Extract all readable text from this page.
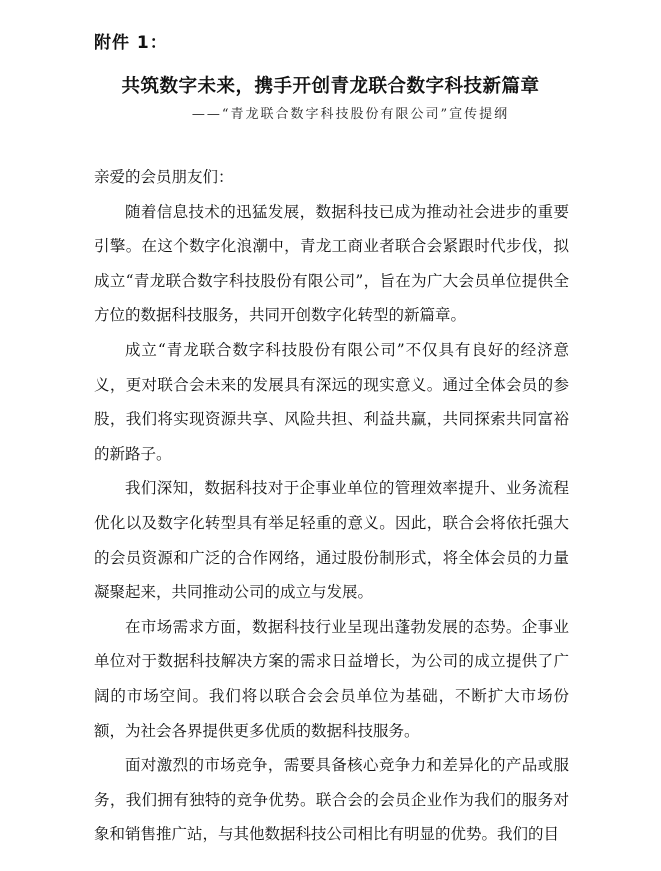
附件 1：
共筑数字未来，携手开创青龙联合数字科技新篇章
——“青龙联合数字科技股份有限公司”宣传提纲

亲爱的会员朋友们：

随着信息技术的迅猛发展，数据科技已成为推动社会进步的重要引擎。在这个数字化浪潮中，青龙工商业者联合会紧跟时代步伐，拟成立“青龙联合数字科技股份有限公司”，旨在为广大会员单位提供全方位的数据科技服务，共同开创数字化转型的新篇章。

成立“青龙联合数字科技股份有限公司”不仅具有良好的经济意义，更对联合会未来的发展具有深远的现实意义。通过全体会员的参股，我们将实现资源共享、风险共担、利益共赢，共同探索共同富裕的新路子。

我们深知，数据科技对于企事业单位的管理效率提升、业务流程优化以及数字化转型具有举足轻重的意义。因此，联合会将依托强大的会员资源和广泛的合作网络，通过股份制形式，将全体会员的力量凝聚起来，共同推动公司的成立与发展。

在市场需求方面，数据科技行业呈现出蓬勃发展的态势。企事业单位对于数据科技解决方案的需求日益增长，为公司的成立提供了广阔的市场空间。我们将以联合会会员单位为基础，不断扩大市场份额，为社会各界提供更多优质的数据科技服务。

面对激烈的市场竞争，需要具备核心竞争力和差异化的产品或服务，我们拥有独特的竞争优势。联合会的会员企业作为我们的服务对象和销售推广站，与其他数据科技公司相比有明显的优势。我们的目
